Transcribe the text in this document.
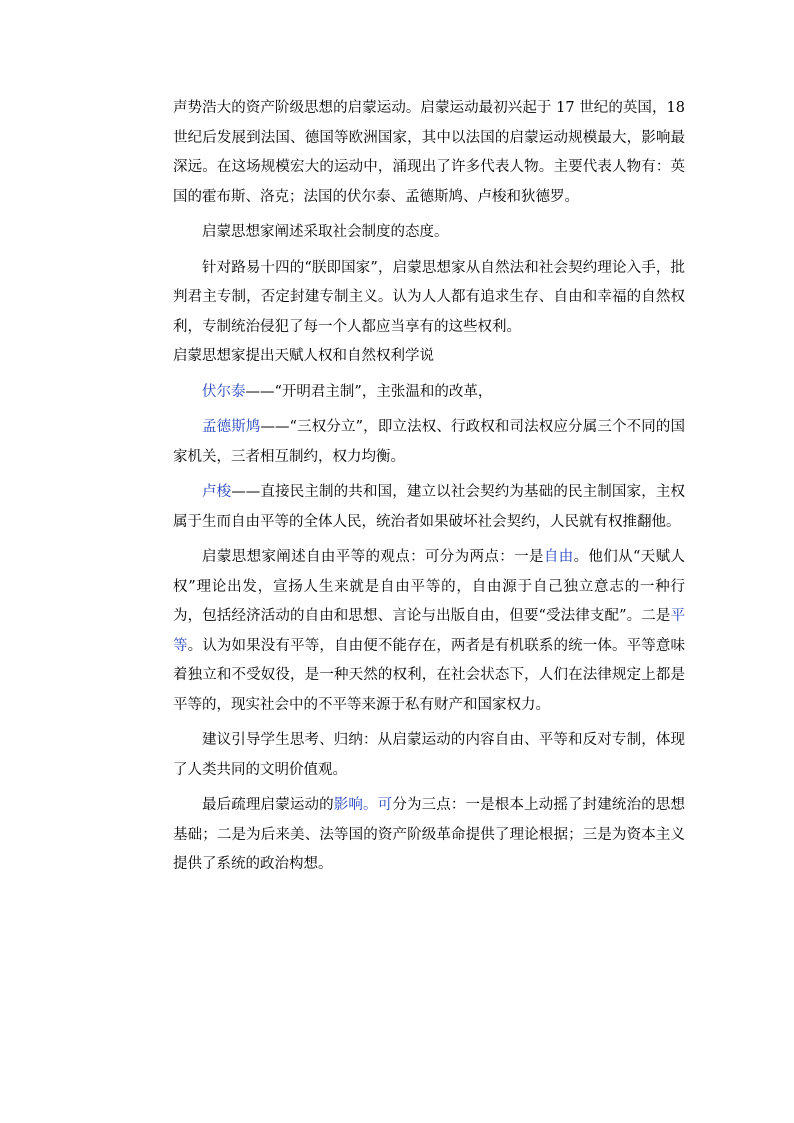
声势浩大的资产阶级思想的启蒙运动。启蒙运动最初兴起于 17 世纪的英国，18 世纪后发展到法国、德国等欧洲国家，其中以法国的启蒙运动规模最大，影响最深远。在这场规模宏大的运动中，涌现出了许多代表人物。主要代表人物有：英国的霍布斯、洛克；法国的伏尔泰、孟德斯鸠、卢梭和狄德罗。

启蒙思想家阐述采取社会制度的态度。

针对路易十四的“朕即国家”，启蒙思想家从自然法和社会契约理论入手，批判君主专制，否定封建专制主义。认为人人都有追求生存、自由和幸福的自然权利，专制统治侵犯了每一个人都应当享有的这些权利。

启蒙思想家提出天赋人权和自然权利学说

伏尔泰——“开明君主制”，主张温和的改革，

孟德斯鸠——“三权分立”，即立法权、行政权和司法权应分属三个不同的国家机关，三者相互制约，权力均衡。

卢梭——直接民主制的共和国，建立以社会契约为基础的民主制国家，主权属于生而自由平等的全体人民，统治者如果破坏社会契约，人民就有权推翻他。

启蒙思想家阐述自由平等的观点：可分为两点：一是自由。他们从“天赋人权”理论出发，宣扬人生来就是自由平等的，自由源于自己独立意志的一种行为，包括经济活动的自由和思想、言论与出版自由，但要“受法律支配”。二是平等。认为如果没有平等，自由便不能存在，两者是有机联系的统一体。平等意味着独立和不受奴役，是一种天然的权利，在社会状态下，人们在法律规定上都是平等的，现实社会中的不平等来源于私有财产和国家权力。

建议引导学生思考、归纳：从启蒙运动的内容自由、平等和反对专制，体现了人类共同的文明价值观。

最后疏理启蒙运动的影响。可分为三点：一是根本上动摇了封建统治的思想基础；二是为后来美、法等国的资产阶级革命提供了理论根据；三是为资本主义提供了系统的政治构想。
